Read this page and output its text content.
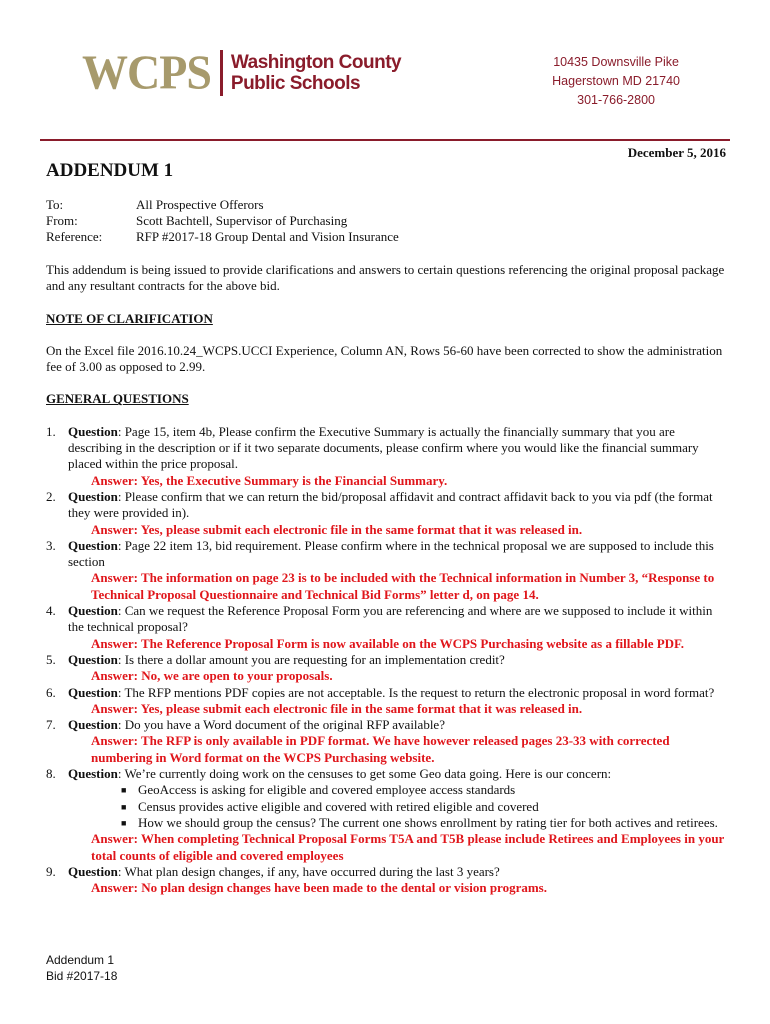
WCPS Washington County
Public Schools
10435 Downsville Pike
Hagerstown MD 21740
301-766-2800
December 5, 2016
ADDENDUM 1
To:	All Prospective Offerors
From:	Scott Bachtell, Supervisor of Purchasing
Reference:	RFP #2017-18 Group Dental and Vision Insurance

This addendum is being issued to provide clarifications and answers to certain questions referencing the original proposal package and any resultant contracts for the above bid.

NOTE OF CLARIFICATION

On the Excel file 2016.10.24_WCPS.UCCI Experience, Column AN, Rows 56-60 have been corrected to show the administration fee of 3.00 as opposed to 2.99.

GENERAL QUESTIONS

1. Question: Page 15, item 4b, Please confirm the Executive Summary is actually the financially summary that you are describing in the description or if it two separate documents, please confirm where you would like the financial summary placed within the price proposal.
Answer: Yes, the Executive Summary is the Financial Summary.
2. Question: Please confirm that we can return the bid/proposal affidavit and contract affidavit back to you via pdf (the format they were provided in).
Answer: Yes, please submit each electronic file in the same format that it was released in.
3. Question: Page 22 item 13, bid requirement. Please confirm where in the technical proposal we are supposed to include this section
Answer: The information on page 23 is to be included with the Technical information in Number 3, “Response to Technical Proposal Questionnaire and Technical Bid Forms” letter d, on page 14.
4. Question: Can we request the Reference Proposal Form you are referencing and where are we supposed to include it within the technical proposal?
Answer: The Reference Proposal Form is now available on the WCPS Purchasing website as a fillable PDF.
5. Question: Is there a dollar amount you are requesting for an implementation credit?
Answer: No, we are open to your proposals.
6. Question: The RFP mentions PDF copies are not acceptable. Is the request to return the electronic proposal in word format?
Answer: Yes, please submit each electronic file in the same format that it was released in.
7. Question: Do you have a Word document of the original RFP available?
Answer: The RFP is only available in PDF format. We have however released pages 23-33 with corrected numbering in Word format on the WCPS Purchasing website.
8. Question: We’re currently doing work on the censuses to get some Geo data going. Here is our concern:
■ GeoAccess is asking for eligible and covered employee access standards
■ Census provides active eligible and covered with retired eligible and covered
■ How we should group the census? The current one shows enrollment by rating tier for both actives and retirees.
Answer: When completing Technical Proposal Forms T5A and T5B please include Retirees and Employees in your total counts of eligible and covered employees
9. Question: What plan design changes, if any, have occurred during the last 3 years?
Answer: No plan design changes have been made to the dental or vision programs.
Addendum 1
Bid #2017-18
